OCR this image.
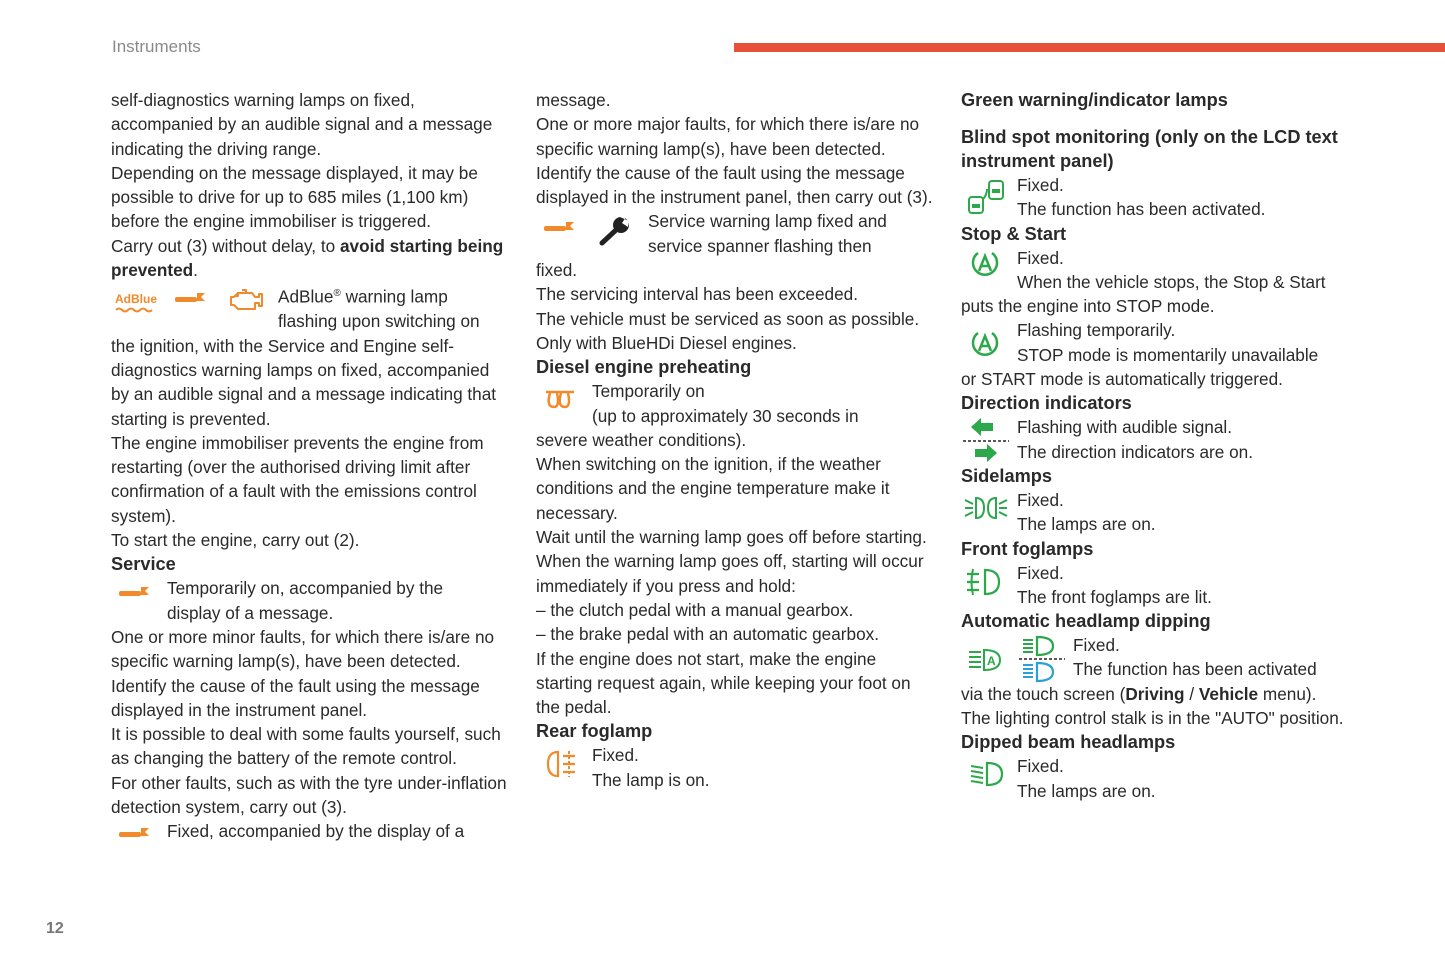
Instruments
12

self-diagnostics warning lamps on fixed, accompanied by an audible signal and a message indicating the driving range.

Depending on the message displayed, it may be possible to drive for up to 685 miles (1,100 km) before the engine immobiliser is triggered.

Carry out (3) without delay, to avoid starting being prevented.

AdBlue	AdBlue® warning lamp

flashing upon switching on

the ignition, with the Service and Engine self-diagnostics warning lamps on fixed, accompanied by an audible signal and a message indicating that starting is prevented.

The engine immobiliser prevents the engine from restarting (over the authorised driving limit after confirmation of a fault with the emissions control system).

To start the engine, carry out (2).

Service

Temporarily on, accompanied by the

display of a message.

One or more minor faults, for which there is/are no specific warning lamp(s), have been detected.

Identify the cause of the fault using the message displayed in the instrument panel.

It is possible to deal with some faults yourself, such as changing the battery of the remote control.

For other faults, such as with the tyre under-inflation detection system, carry out (3).

Fixed, accompanied by the display of a

message.

One or more major faults, for which there is/are no specific warning lamp(s), have been detected.

Identify the cause of the fault using the message displayed in the instrument panel, then carry out (3).

Service warning lamp fixed and

service spanner flashing then

fixed.

The servicing interval has been exceeded.

The vehicle must be serviced as soon as possible.

Only with BlueHDi Diesel engines.

Diesel engine preheating

Temporarily on

(up to approximately 30 seconds in

severe weather conditions).

When switching on the ignition, if the weather conditions and the engine temperature make it necessary.

Wait until the warning lamp goes off before starting.

When the warning lamp goes off, starting will occur immediately if you press and hold:

– the clutch pedal with a manual gearbox.

– the brake pedal with an automatic gearbox.

If the engine does not start, make the engine starting request again, while keeping your foot on the pedal.

Rear foglamp

Fixed.

The lamp is on.

Green warning/indicator lamps

Blind spot monitoring (only on the LCD text instrument panel)

Fixed.

The function has been activated.

Stop & Start

Fixed.

When the vehicle stops, the Stop & Start

puts the engine into STOP mode.

Flashing temporarily.

STOP mode is momentarily unavailable

or START mode is automatically triggered.

Direction indicators

Flashing with audible signal.

The direction indicators are on.

Sidelamps

Fixed.

The lamps are on.

Front foglamps

Fixed.

The front foglamps are lit.

Automatic headlamp dipping

A

Fixed.

The function has been activated

via the touch screen (Driving / Vehicle menu).

The lighting control stalk is in the "AUTO" position.

Dipped beam headlamps

Fixed.

The lamps are on.
